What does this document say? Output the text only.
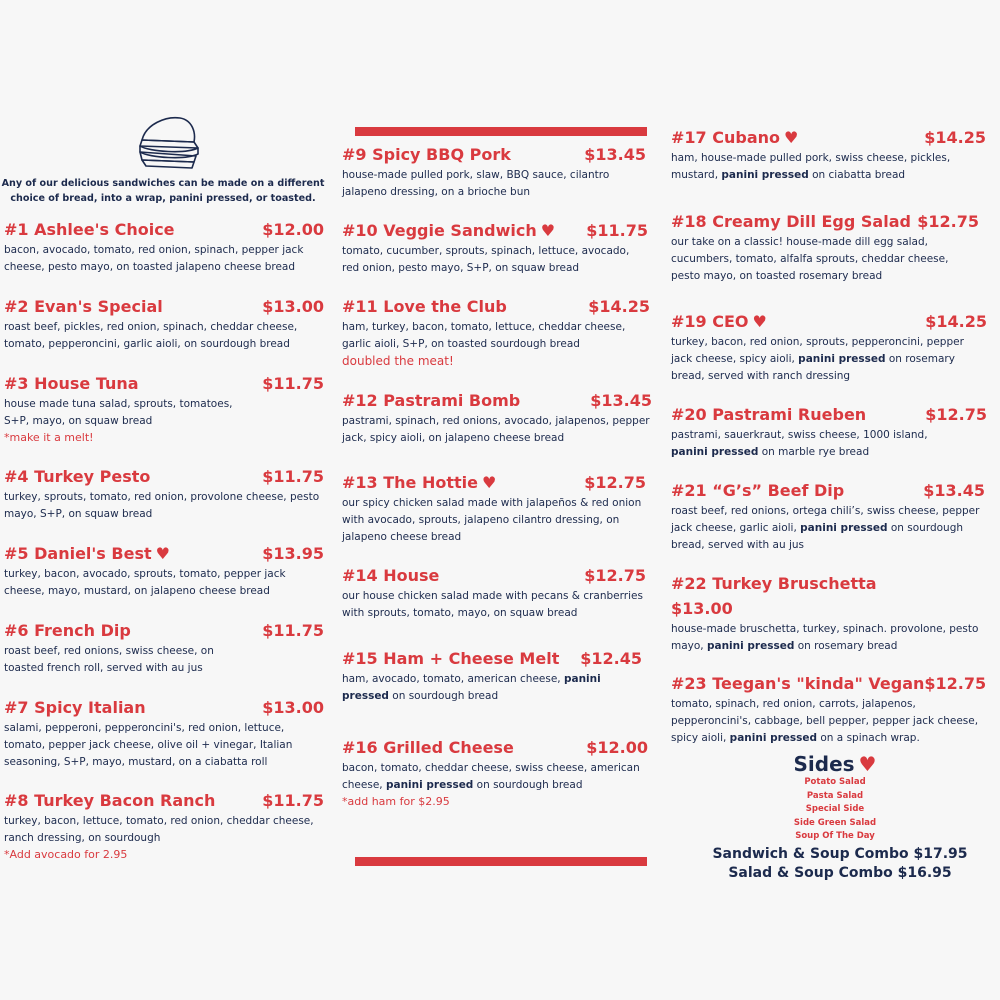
Any of our delicious sandwiches can be made on a different choice of bread, into a wrap, panini pressed, or toasted.
#1 Ashlee's Choice	$12.00
bacon, avocado, tomato, red onion, spinach, pepper jack cheese, pesto mayo, on toasted jalapeno cheese bread
#2 Evan's Special	$13.00
roast beef, pickles, red onion, spinach, cheddar cheese, tomato, pepperoncini, garlic aioli, on sourdough bread
#3 House Tuna	$11.75
house made tuna salad, sprouts, tomatoes, S+P, mayo, on squaw bread
*make it a melt!
#4 Turkey Pesto	$11.75
turkey, sprouts, tomato, red onion, provolone cheese, pesto mayo, S+P, on squaw bread
#5 Daniel's Best ♥	$13.95
turkey, bacon, avocado, sprouts, tomato, pepper jack cheese, mayo, mustard, on jalapeno cheese bread
#6 French Dip	$11.75
roast beef, red onions, swiss cheese, on toasted french roll, served with au jus
#7 Spicy Italian	$13.00
salami, pepperoni, pepperoncini's, red onion, lettuce, tomato, pepper jack cheese, olive oil + vinegar, Italian seasoning, S+P, mayo, mustard, on a ciabatta roll
#8 Turkey Bacon Ranch	$11.75
turkey, bacon, lettuce, tomato, red onion, cheddar cheese, ranch dressing, on sourdough
*Add avocado for 2.95
#9 Spicy BBQ Pork	$13.45
house-made pulled pork, slaw, BBQ sauce, cilantro jalapeno dressing, on a brioche bun
#10 Veggie Sandwich ♥ $11.75
tomato, cucumber, sprouts, spinach, lettuce, avocado, red onion, pesto mayo, S+P, on squaw bread
#11 Love the Club	$14.25
ham, turkey, bacon, tomato, lettuce, cheddar cheese, garlic aioli, S+P, on toasted sourdough bread
doubled the meat!
#12 Pastrami Bomb	$13.45
pastrami, spinach, red onions, avocado, jalapenos, pepper jack, spicy aioli, on jalapeno cheese bread
#13 The Hottie ♥	$12.75
our spicy chicken salad made with jalapeños & red onion with avocado, sprouts, jalapeno cilantro dressing, on jalapeno cheese bread
#14 House	$12.75
our house chicken salad made with pecans & cranberries with sprouts, tomato, mayo, on squaw bread
#15 Ham + Cheese Melt $12.45
ham, avocado, tomato, american cheese, panini pressed on sourdough bread
#16 Grilled Cheese	$12.00
bacon, tomato, cheddar cheese, swiss cheese, american cheese, panini pressed on sourdough bread
*add ham for $2.95
#17 Cubano ♥	$14.25
ham, house-made pulled pork, swiss cheese, pickles, mustard, panini pressed on ciabatta bread
#18 Creamy Dill Egg Salad $12.75
our take on a classic! house-made dill egg salad, cucumbers, tomato, alfalfa sprouts, cheddar cheese, pesto mayo, on toasted rosemary bread
#19 CEO ♥	$14.25
turkey, bacon, red onion, sprouts, pepperoncini, pepper jack cheese, spicy aioli, panini pressed on rosemary bread, served with ranch dressing
#20 Pastrami Rueben	$12.75
pastrami, sauerkraut, swiss cheese, 1000 island, panini pressed on marble rye bread
#21 “G’s” Beef Dip	$13.45
roast beef, red onions, ortega chili’s, swiss cheese, pepper jack cheese, garlic aioli, panini pressed on sourdough bread, served with au jus
#22 Turkey Bruschetta
$13.00
house-made bruschetta, turkey, spinach. provolone, pesto mayo, panini pressed on rosemary bread
#23 Teegan's "kinda" Vegan $12.75
tomato, spinach, red onion, carrots, jalapenos, pepperoncini's, cabbage, bell pepper, pepper jack cheese, spicy aioli, panini pressed on a spinach wrap.
Sides ♥
Potato Salad
Pasta Salad
Special Side
Side Green Salad
Soup Of The Day
Sandwich & Soup Combo $17.95
Salad & Soup Combo $16.95
